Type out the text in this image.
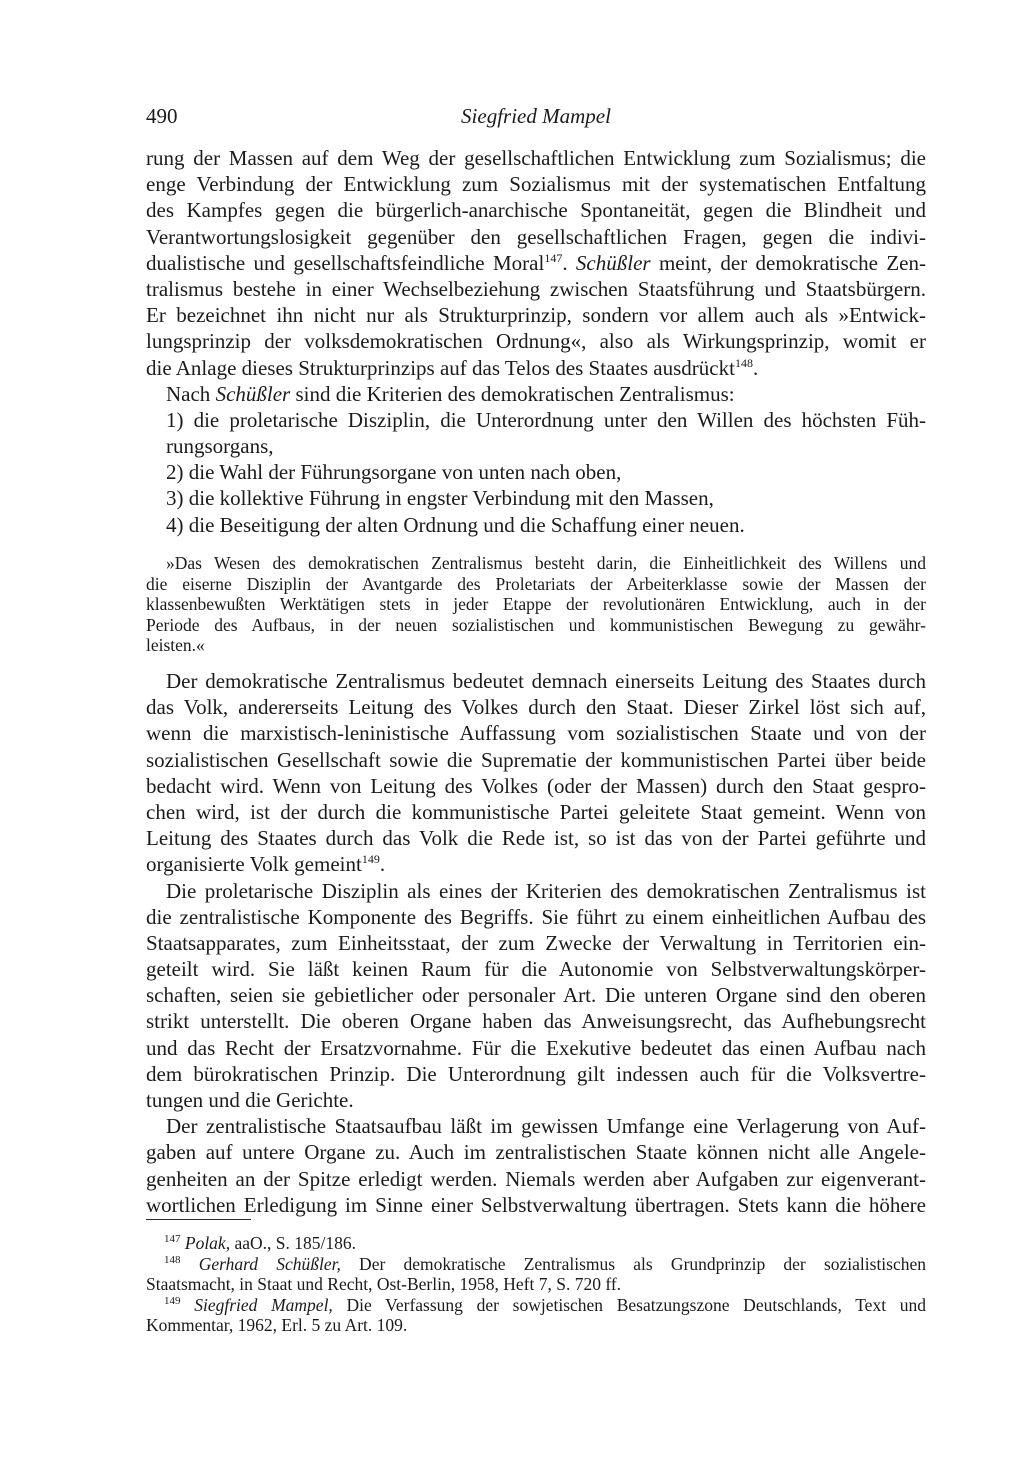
490	Siegfried Mampel
rung der Massen auf dem Weg der gesellschaftlichen Entwicklung zum Sozialismus; die
enge Verbindung der Entwicklung zum Sozialismus mit der systematischen Entfaltung
des Kampfes gegen die bürgerlich-anarchische Spontaneität, gegen die Blindheit und
Verantwortungslosigkeit gegenüber den gesellschaftlichen Fragen, gegen die indivi-
dualistische und gesellschaftsfeindliche Moral$^{147}$. Schüßler meint, der demokratische Zen-
tralismus bestehe in einer Wechselbeziehung zwischen Staatsführung und Staatsbürgern.
Er bezeichnet ihn nicht nur als Strukturprinzip, sondern vor allem auch als »Entwick-
lungsprinzip der volksdemokratischen Ordnung«, also als Wirkungsprinzip, womit er
die Anlage dieses Strukturprinzips auf das Telos des Staates ausdrückt$^{148}$.
Nach Schüßler sind die Kriterien des demokratischen Zentralismus:
1) die proletarische Disziplin, die Unterordnung unter den Willen des höchsten Füh-
rungsorgans,
2) die Wahl der Führungsorgane von unten nach oben,
3) die kollektive Führung in engster Verbindung mit den Massen,
4) die Beseitigung der alten Ordnung und die Schaffung einer neuen.
»Das Wesen des demokratischen Zentralismus besteht darin, die Einheitlichkeit des Willens und
die eiserne Disziplin der Avantgarde des Proletariats der Arbeiterklasse sowie der Massen der
klassenbewußten Werktätigen stets in jeder Etappe der revolutionären Entwicklung, auch in der
Periode des Aufbaus, in der neuen sozialistischen und kommunistischen Bewegung zu gewähr-
leisten.«
Der demokratische Zentralismus bedeutet demnach einerseits Leitung des Staates durch
das Volk, andererseits Leitung des Volkes durch den Staat. Dieser Zirkel löst sich auf,
wenn die marxistisch-leninistische Auffassung vom sozialistischen Staate und von der
sozialistischen Gesellschaft sowie die Suprematie der kommunistischen Partei über beide
bedacht wird. Wenn von Leitung des Volkes (oder der Massen) durch den Staat gespro-
chen wird, ist der durch die kommunistische Partei geleitete Staat gemeint. Wenn von
Leitung des Staates durch das Volk die Rede ist, so ist das von der Partei geführte und
organisierte Volk gemeint$^{149}$.
Die proletarische Disziplin als eines der Kriterien des demokratischen Zentralismus ist
die zentralistische Komponente des Begriffs. Sie führt zu einem einheitlichen Aufbau des
Staatsapparates, zum Einheitsstaat, der zum Zwecke der Verwaltung in Territorien ein-
geteilt wird. Sie läßt keinen Raum für die Autonomie von Selbstverwaltungskörper-
schaften, seien sie gebietlicher oder personaler Art. Die unteren Organe sind den oberen
strikt unterstellt. Die oberen Organe haben das Anweisungsrecht, das Aufhebungsrecht
und das Recht der Ersatzvornahme. Für die Exekutive bedeutet das einen Aufbau nach
dem bürokratischen Prinzip. Die Unterordnung gilt indessen auch für die Volksvertre-
tungen und die Gerichte.
Der zentralistische Staatsaufbau läßt im gewissen Umfange eine Verlagerung von Auf-
gaben auf untere Organe zu. Auch im zentralistischen Staate können nicht alle Angele-
genheiten an der Spitze erledigt werden. Niemals werden aber Aufgaben zur eigenverant-
wortlichen Erledigung im Sinne einer Selbstverwaltung übertragen. Stets kann die höhere
$^{147}$ Polak, aaO., S. 185/186.
$^{148}$ Gerhard Schüßler, Der demokratische Zentralismus als Grundprinzip der sozialistischen
Staatsmacht, in Staat und Recht, Ost-Berlin, 1958, Heft 7, S. 720 ff.
$^{149}$ Siegfried Mampel, Die Verfassung der sowjetischen Besatzungszone Deutschlands, Text und
Kommentar, 1962, Erl. 5 zu Art. 109.
